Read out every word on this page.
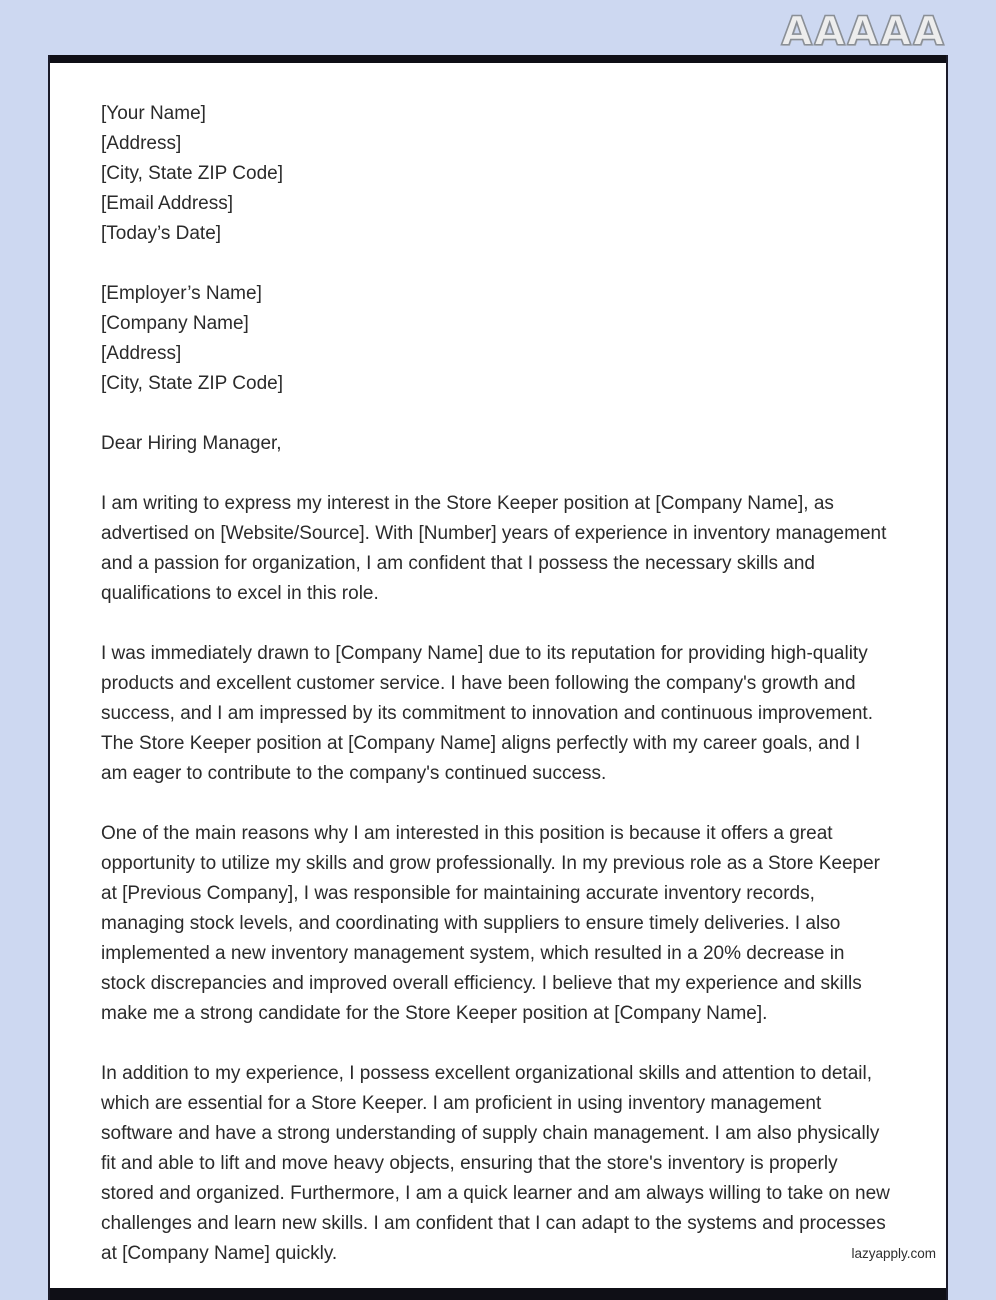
AAAAA
[Your Name]
[Address]
[City, State ZIP Code]
[Email Address]
[Today’s Date]
[Employer’s Name]
[Company Name]
[Address]
[City, State ZIP Code]
Dear Hiring Manager,
I am writing to express my interest in the Store Keeper position at [Company Name], as advertised on [Website/Source]. With [Number] years of experience in inventory management and a passion for organization, I am confident that I possess the necessary skills and qualifications to excel in this role.
I was immediately drawn to [Company Name] due to its reputation for providing high-quality products and excellent customer service. I have been following the company's growth and success, and I am impressed by its commitment to innovation and continuous improvement. The Store Keeper position at [Company Name] aligns perfectly with my career goals, and I am eager to contribute to the company's continued success.
One of the main reasons why I am interested in this position is because it offers a great opportunity to utilize my skills and grow professionally. In my previous role as a Store Keeper at [Previous Company], I was responsible for maintaining accurate inventory records, managing stock levels, and coordinating with suppliers to ensure timely deliveries. I also implemented a new inventory management system, which resulted in a 20% decrease in stock discrepancies and improved overall efficiency. I believe that my experience and skills make me a strong candidate for the Store Keeper position at [Company Name].
In addition to my experience, I possess excellent organizational skills and attention to detail, which are essential for a Store Keeper. I am proficient in using inventory management software and have a strong understanding of supply chain management. I am also physically fit and able to lift and move heavy objects, ensuring that the store's inventory is properly stored and organized. Furthermore, I am a quick learner and am always willing to take on new challenges and learn new skills. I am confident that I can adapt to the systems and processes at [Company Name] quickly.	lazyapply.com
